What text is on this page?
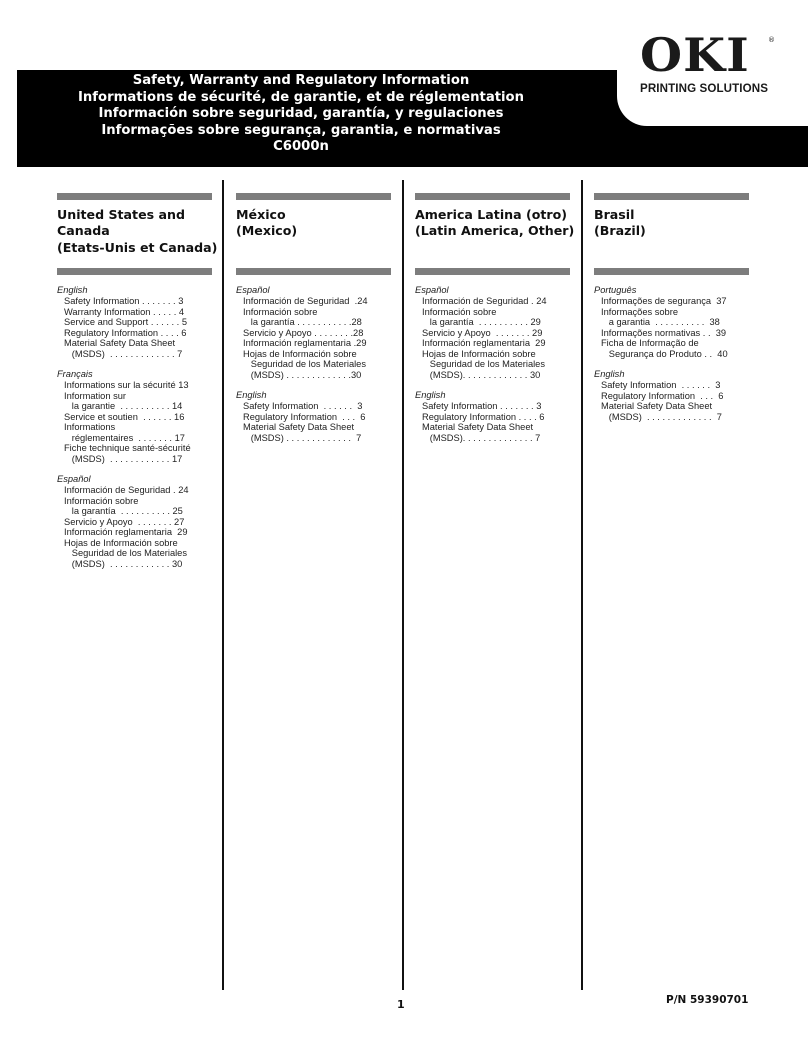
Safety, Warranty and Regulatory Information
Informations de sécurité, de garantie, et de réglementation
Información sobre seguridad, garantía, y regulaciones
Informações sobre segurança, garantia, e normativas
C6000n
OKI	®
PRINTING SOLUTIONS
United States and
Canada
(Etats-Unis et Canada)
English
Safety Information . . . . . . . 3
Warranty Information . . . . . 4
Service and Support . . . . . . 5
Regulatory Information . . . . 6
Material Safety Data Sheet
(MSDS)  . . . . . . . . . . . . . 7
Français
Informations sur la sécurité 13
Information sur
la garantie  . . . . . . . . . . 14
Service et soutien  . . . . . . 16
Informations
réglementaires  . . . . . . . 17
Fiche technique santé-sécurité
(MSDS)  . . . . . . . . . . . . 17
Español
Información de Seguridad . 24
Información sobre
la garantía  . . . . . . . . . . 25
Servicio y Apoyo  . . . . . . . 27
Información reglamentaria  29
Hojas de Información sobre
Seguridad de los Materiales
(MSDS)  . . . . . . . . . . . . 30
México
(Mexico)
Español
Información de Seguridad  .24
Información sobre
la garantía . . . . . . . . . . .28
Servicio y Apoyo . . . . . . . .28
Información reglamentaria .29
Hojas de Información sobre
Seguridad de los Materiales
(MSDS) . . . . . . . . . . . . .30
English
Safety Information  . . . . . .  3
Regulatory Information  . . .  6
Material Safety Data Sheet
(MSDS) . . . . . . . . . . . . .  7
America Latina (otro)
(Latin America, Other)
Español
Información de Seguridad . 24
Información sobre
la garantía  . . . . . . . . . . 29
Servicio y Apoyo  . . . . . . . 29
Información reglamentaria  29
Hojas de Información sobre
Seguridad de los Materiales
(MSDS). . . . . . . . . . . . . 30
English
Safety Information . . . . . . . 3
Regulatory Information . . . . 6
Material Safety Data Sheet
(MSDS). . . . . . . . . . . . . . 7
Brasil
(Brazil)
Português
Informações de segurança  37
Informações sobre
a garantia  . . . . . . . . . .  38
Informações normativas . .  39
Ficha de Informação de
Segurança do Produto . .  40
English
Safety Information  . . . . . .  3
Regulatory Information  . . .  6
Material Safety Data Sheet
(MSDS)  . . . . . . . . . . . . .  7
1	P/N 59390701
